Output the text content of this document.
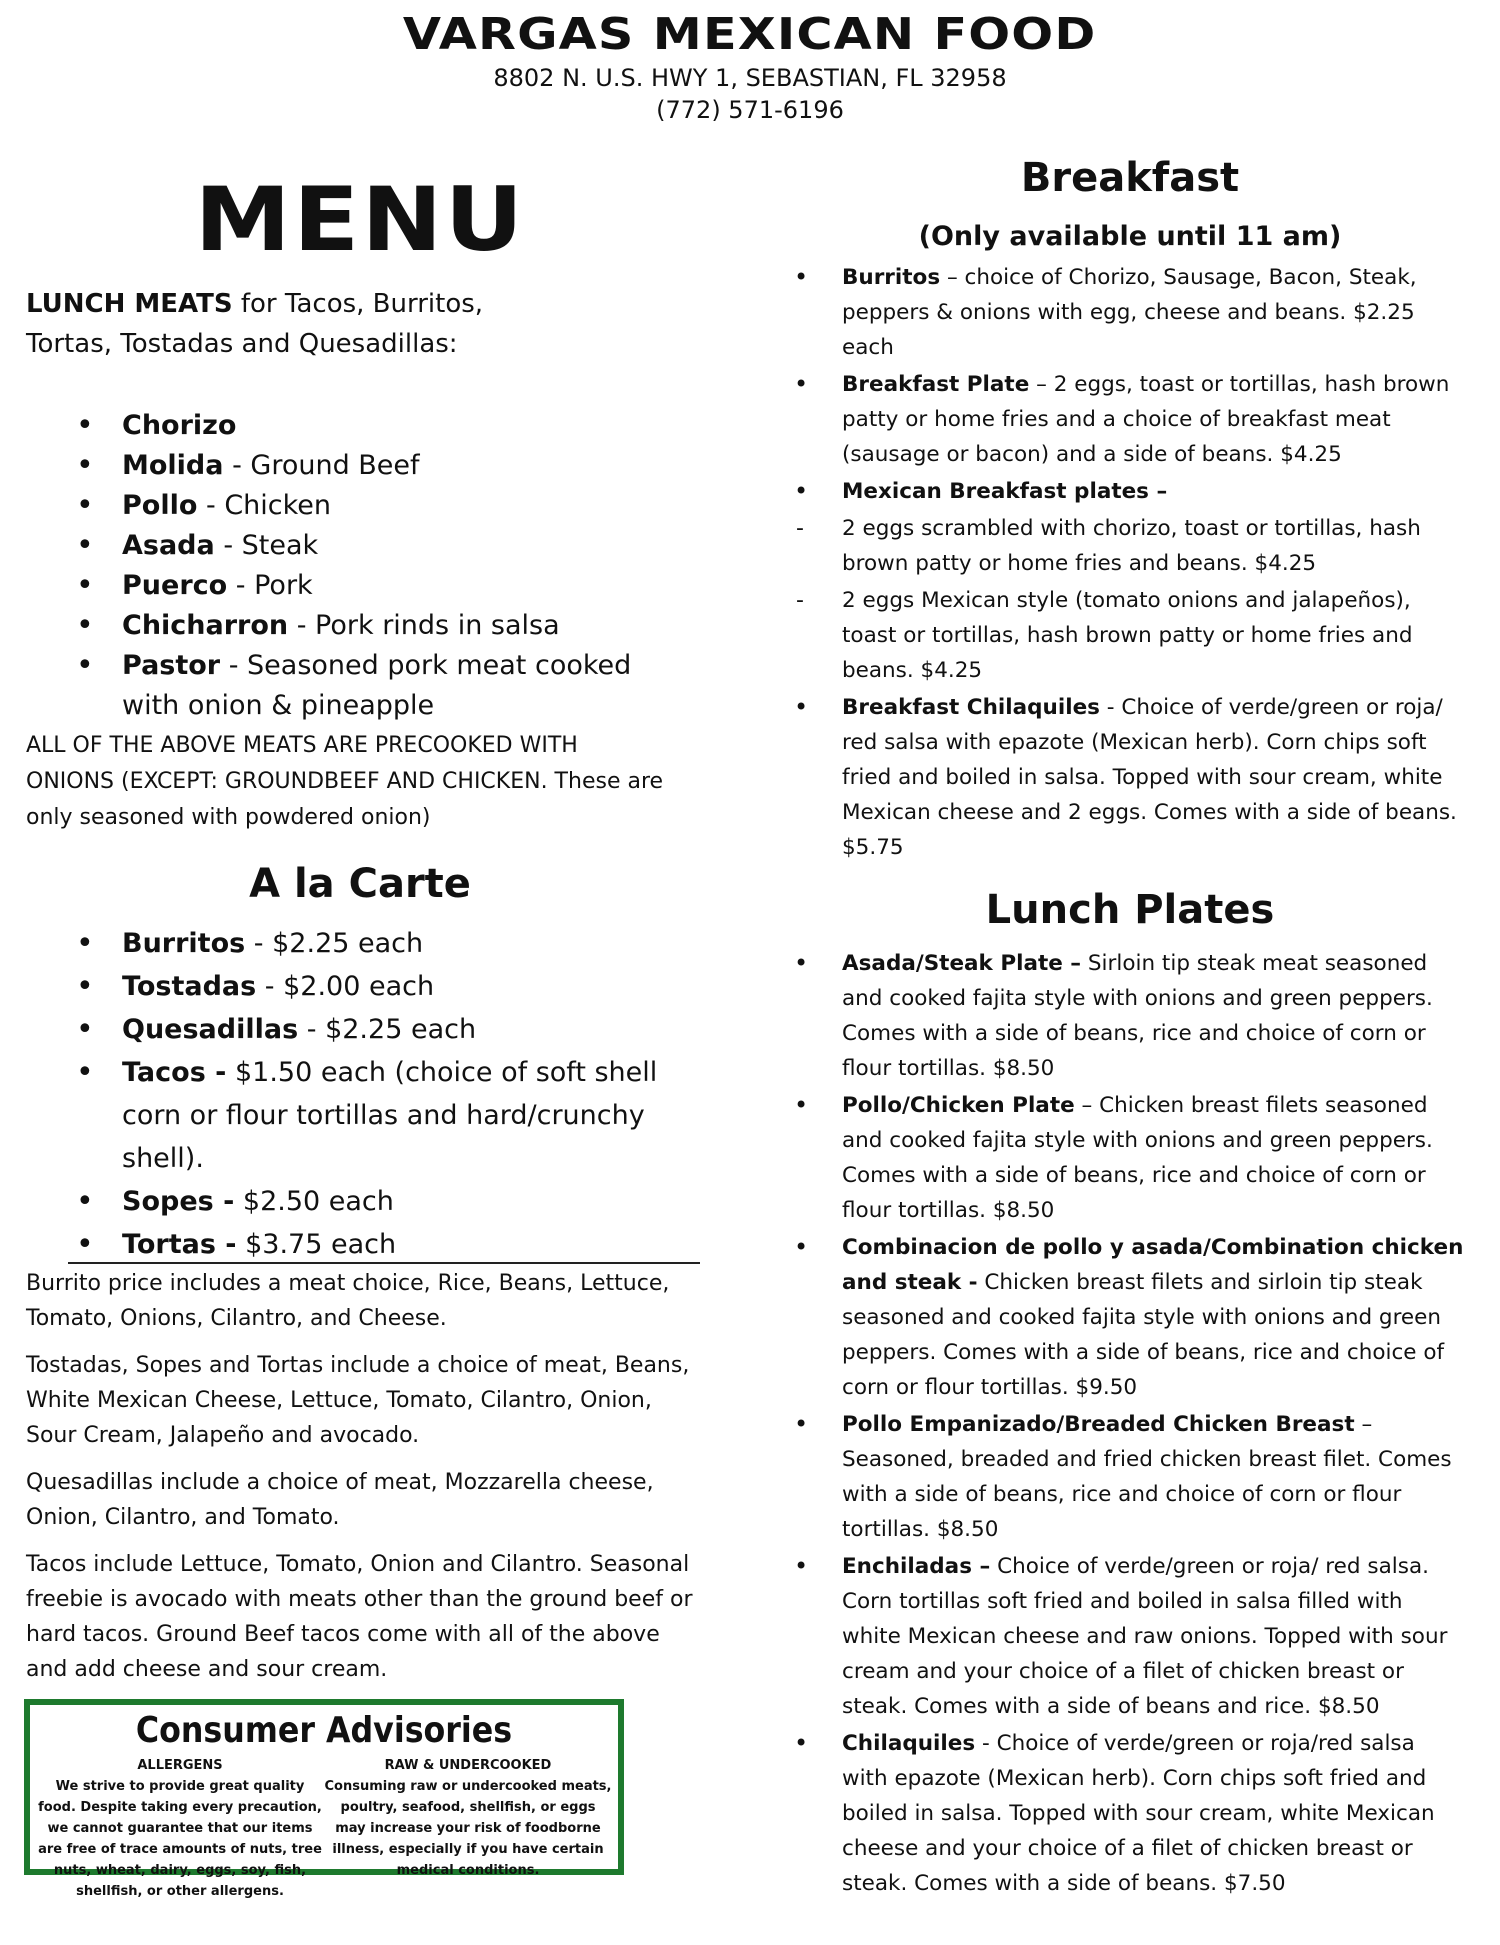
VARGAS MEXICAN FOOD

8802 N. U.S. HWY 1, SEBASTIAN, FL 32958

(772) 571-6196

MENU
LUNCH MEATS for Tacos, Burritos,
Tortas, Tostadas and Quesadillas:
• Chorizo
• Molida - Ground Beef
• Pollo - Chicken
• Asada - Steak
• Puerco - Pork
• Chicharron - Pork rinds in salsa
• Pastor - Seasoned pork meat cooked with onion & pineapple
ALL OF THE ABOVE MEATS ARE PRECOOKED WITH ONIONS (EXCEPT: GROUNDBEEF AND CHICKEN. These are only seasoned with powdered onion)
A la Carte
• Burritos - $2.25 each
• Tostadas - $2.00 each
• Quesadillas - $2.25 each
• Tacos - $1.50 each (choice of soft shell corn or flour tortillas and hard/crunchy shell).
• Sopes - $2.50 each
• Tortas - $3.75 each

Burrito price includes a meat choice, Rice, Beans, Lettuce, Tomato, Onions, Cilantro, and Cheese.

Tostadas, Sopes and Tortas include a choice of meat, Beans, White Mexican Cheese, Lettuce, Tomato, Cilantro, Onion, Sour Cream, Jalapeño and avocado.

Quesadillas include a choice of meat, Mozzarella cheese, Onion, Cilantro, and Tomato.

Tacos include Lettuce, Tomato, Onion and Cilantro. Seasonal freebie is avocado with meats other than the ground beef or hard tacos. Ground Beef tacos come with all of the above and add cheese and sour cream.

Consumer Advisories
ALLERGENS
We strive to provide great quality food. Despite taking every precaution, we cannot guarantee that our items are free of trace amounts of nuts, tree nuts, wheat, dairy, eggs, soy, fish, shellfish, or other allergens.
RAW & UNDERCOOKED
Consuming raw or undercooked meats, poultry, seafood, shellfish, or eggs may increase your risk of foodborne illness, especially if you have certain medical conditions.
Breakfast
(Only available until 11 am)
• Burritos – choice of Chorizo, Sausage, Bacon, Steak, peppers & onions with egg, cheese and beans. $2.25 each
• Breakfast Plate – 2 eggs, toast or tortillas, hash brown patty or home fries and a choice of breakfast meat (sausage or bacon) and a side of beans. $4.25
• Mexican Breakfast plates –
- 2 eggs scrambled with chorizo, toast or tortillas, hash brown patty or home fries and beans. $4.25
- 2 eggs Mexican style (tomato onions and jalapeños), toast or tortillas, hash brown patty or home fries and beans. $4.25
• Breakfast Chilaquiles - Choice of verde/green or roja/ red salsa with epazote (Mexican herb). Corn chips soft fried and boiled in salsa. Topped with sour cream, white Mexican cheese and 2 eggs. Comes with a side of beans. $5.75
Lunch Plates
• Asada/Steak Plate – Sirloin tip steak meat seasoned and cooked fajita style with onions and green peppers. Comes with a side of beans, rice and choice of corn or flour tortillas. $8.50
• Pollo/Chicken Plate – Chicken breast filets seasoned and cooked fajita style with onions and green peppers. Comes with a side of beans, rice and choice of corn or flour tortillas. $8.50
• Combinacion de pollo y asada/Combination chicken and steak - Chicken breast filets and sirloin tip steak seasoned and cooked fajita style with onions and green peppers. Comes with a side of beans, rice and choice of corn or flour tortillas. $9.50
• Pollo Empanizado/Breaded Chicken Breast – Seasoned, breaded and fried chicken breast filet. Comes with a side of beans, rice and choice of corn or flour tortillas. $8.50
• Enchiladas – Choice of verde/green or roja/ red salsa. Corn tortillas soft fried and boiled in salsa filled with white Mexican cheese and raw onions. Topped with sour cream and your choice of a filet of chicken breast or steak. Comes with a side of beans and rice. $8.50
• Chilaquiles - Choice of verde/green or roja/red salsa with epazote (Mexican herb). Corn chips soft fried and boiled in salsa. Topped with sour cream, white Mexican cheese and your choice of a filet of chicken breast or steak. Comes with a side of beans. $7.50
